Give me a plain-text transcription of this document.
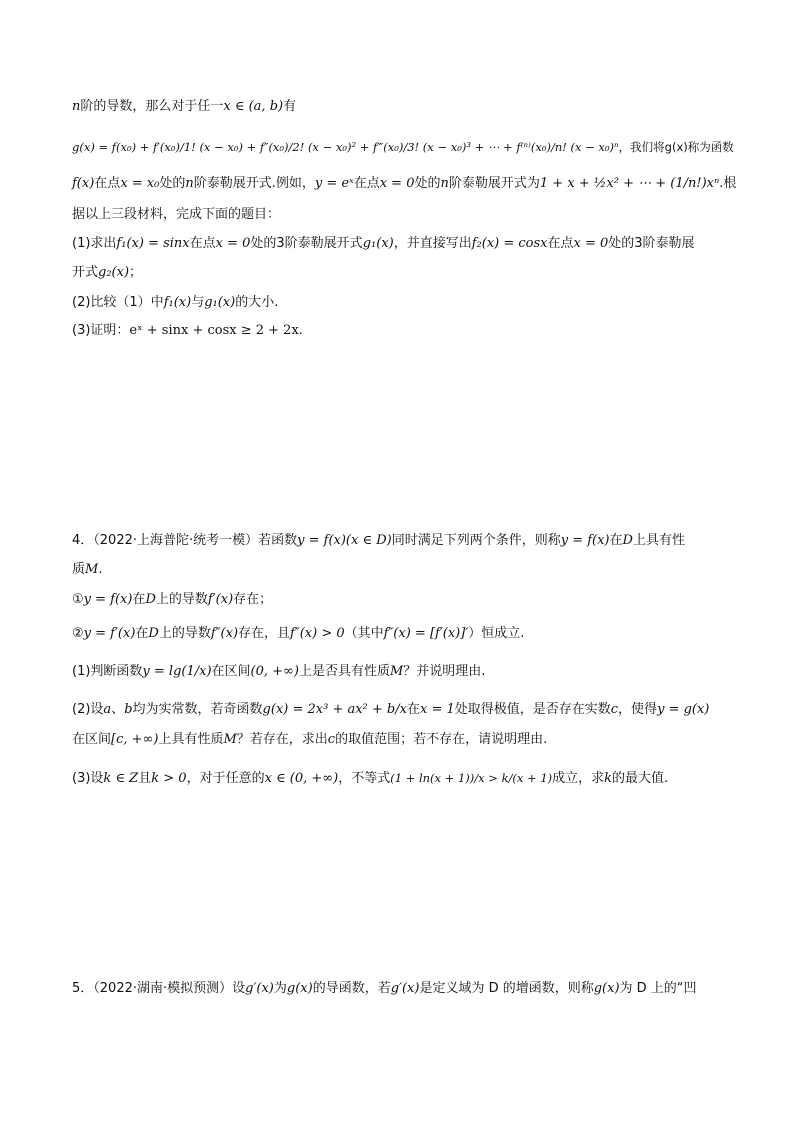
n阶的导数，那么对于任一x ∈ (a, b)有
g(x) = f(x₀) + f′(x₀)/1! (x − x₀) + f″(x₀)/2! (x − x₀)² + f‴(x₀)/3! (x − x₀)³ + ⋯ + f⁽ⁿ⁾(x₀)/n! (x − x₀)ⁿ，我们将g(x)称为函数
f(x)在点x = x₀处的n阶泰勒展开式.例如，y = eˣ在点x = 0处的n阶泰勒展开式为1 + x + ½x² + ⋯ + (1/n!)xⁿ.根
据以上三段材料，完成下面的题目：
(1)求出f₁(x) = sinx在点x = 0处的3阶泰勒展开式g₁(x)，并直接写出f₂(x) = cosx在点x = 0处的3阶泰勒展
开式g₂(x)；
(2)比较（1）中f₁(x)与g₁(x)的大小.
(3)证明：eˣ + sinx + cosx ≥ 2 + 2x.
4．（2022·上海普陀·统考一模）若函数y = f(x)(x ∈ D)同时满足下列两个条件，则称y = f(x)在D上具有性
质M.
①y = f(x)在D上的导数f′(x)存在；
②y = f′(x)在D上的导数f″(x)存在，且f″(x) > 0（其中f″(x) = [f′(x)]′）恒成立.
(1)判断函数y = lg(1/x)在区间(0, +∞)上是否具有性质M？并说明理由.
(2)设a、b均为实常数，若奇函数g(x) = 2x³ + ax² + b/x在x = 1处取得极值，是否存在实数c，使得y = g(x)
在区间[c, +∞)上具有性质M？若存在，求出c的取值范围；若不存在，请说明理由.
(3)设k ∈ Z且k > 0，对于任意的x ∈ (0, +∞)，不等式(1 + ln(x + 1))/x > k/(x + 1)成立，求k的最大值.
5．（2022·湖南·模拟预测）设g′(x)为g(x)的导函数，若g′(x)是定义域为 D 的增函数，则称g(x)为 D 上的“凹
